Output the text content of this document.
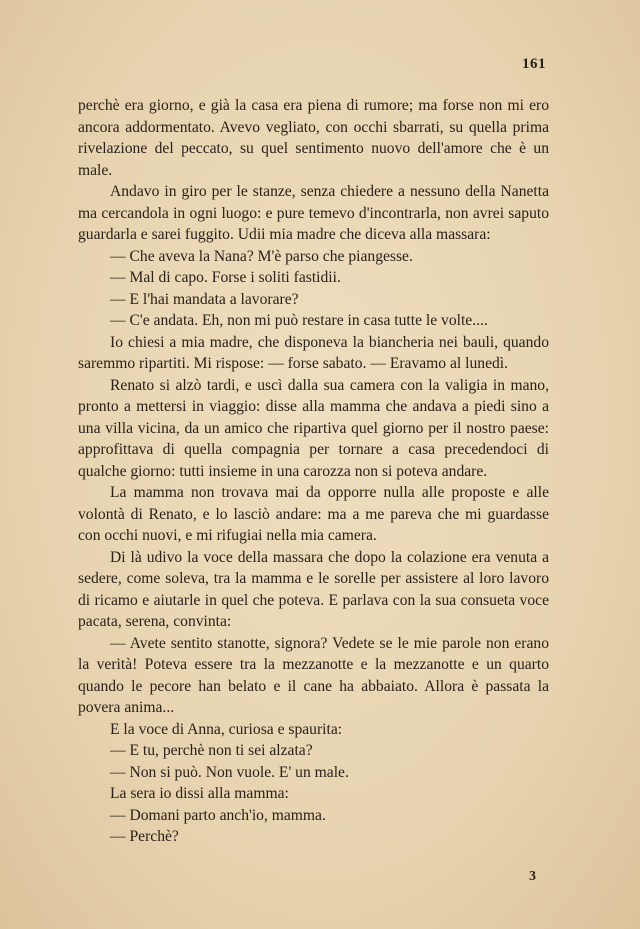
161

perchè era giorno, e già la casa era piena di rumore; ma forse non mi ero ancora addormentato. Avevo vegliato, con occhi sbarrati, su quella prima rivelazione del peccato, su quel sentimento nuovo dell'amore che è un male.

Andavo in giro per le stanze, senza chiedere a nessuno della Nanetta ma cercandola in ogni luogo: e pure temevo d'incontrarla, non avrei saputo guardarla e sarei fuggito. Udii mia madre che diceva alla massara:

— Che aveva la Nana? M'è parso che piangesse.

— Mal di capo. Forse i soliti fastidii.

— E l'hai mandata a lavorare?

— C'e andata. Eh, non mi può restare in casa tutte le volte....

Io chiesi a mia madre, che disponeva la biancheria nei bauli, quando saremmo ripartiti. Mi rispose: — forse sabato. — Eravamo al lunedì.

Renato si alzò tardi, e uscì dalla sua camera con la valigia in mano, pronto a mettersi in viaggio: disse alla mamma che andava a piedi sino a una villa vicina, da un amico che ripartiva quel giorno per il nostro paese: approfittava di quella compagnia per tornare a casa precedendoci di qualche giorno: tutti insieme in una carozza non si poteva andare.

La mamma non trovava mai da opporre nulla alle proposte e alle volontà di Renato, e lo lasciò andare: ma a me pareva che mi guardasse con occhi nuovi, e mi rifugiai nella mia camera.

Di là udivo la voce della massara che dopo la colazione era venuta a sedere, come soleva, tra la mamma e le sorelle per assistere al loro lavoro di ricamo e aiutarle in quel che poteva. E parlava con la sua consueta voce pacata, serena, convinta:

— Avete sentito stanotte, signora? Vedete se le mie parole non erano la verità! Poteva essere tra la mezzanotte e la mezzanotte e un quarto quando le pecore han belato e il cane ha abbaiato. Allora è passata la povera anima...

E la voce di Anna, curiosa e spaurita:

— E tu, perchè non ti sei alzata?

— Non si può. Non vuole. E' un male.

La sera io dissi alla mamma:

— Domani parto anch'io, mamma.

— Perchè?

3
